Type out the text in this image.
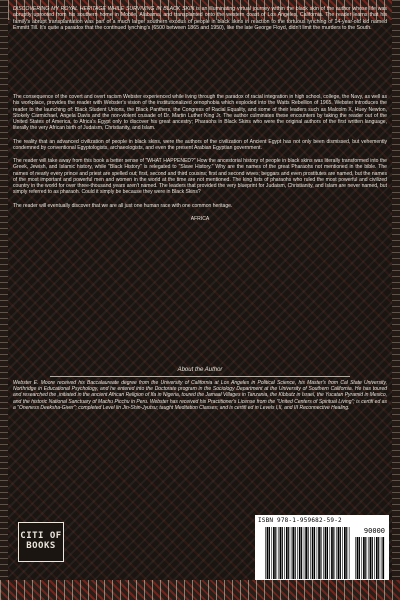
DISCOVERING MY ROYAL HERITAGE WHILE SURVIVING IN BLACK SKIN is an illuminating virtual journey within the black skin of the author whose life was abruptly uprooted from his southern home in Mobile, Alabama, and transplanted onto the western coast of Los Angeles, California. The reader learns that his family's abrupt transplantation was part of a much larger southern exodus of people in black skins in reaction to the tortuous lynching of 14-year-old kid named Emmitt Till. It's quite a paradox that the continued lynching's (6500 between 1865 and 1950), like the late George Floyd, didn't limit the murders to the South.

The consequence of the covert and overt racism Webster experienced while living through the paradox of racial integration in high school, college, the Navy, as well as his workplace, provides the reader with Webster's vision of the institutionalized xenophobia which exploded into the Watts Rebellion of 1965. Webster introduces the reader to the launching of: Black Student Unions, the Black Panthers, the Congress of Racial Equality, and some of their leaders such as Malcolm X, Huey Newton, Stokely Carmichael, Angela Davis and the non-violent crusade of Dr. Martin Luther King Jr. The author culminates these encounters by taking the reader out of the United States of America, to Africa's Egypt only to discover his great ancestry; Pharaohs in Black Skins who were the original authors of the first written language, literally the very African birth of Judaism, Christianity, and Islam.

The reality that an advanced civilization of people in black skins, were the authors of the civilization of Ancient Egypt has not only been dismissed, but vehemently condemned by conventional Egyptologists, archaeologists, and even the present Arabian Egyptian government.

The reader will take away from this book a better sense of "WHAT HAPPENED?" How the ancestorial history of people in black skins was literally transformed into the Greek, Jewish, and Islamic history, while "Black History" is relegated to "Slave History." Why are the names of the great Pharaohs not mentioned in the bible. The names of nearly every prince and priest are spelled out; first, second and third cousins; first and second wives; beggars and even prostitutes are named, but the names of the most important and powerful men and women in the world at the time are not mentioned. The king lists of pharaohs who ruled the most powerful and civilized country in the world for over three-thousand years aren't named. The leaders that provided the very blueprint for Judaism, Christianity, and Islam are never named, but simply referred to as pharaoh. Could it simply be because they were in Black Skins?

The reader will eventually discover that we are all just one human race with one common heritage.

AFRICA

About the Author

Webster E. Moore received his Baccalaureate degree from the University of California at Los Angeles in Political Science, his Master's from Cal State University, Northridge in Educational Psychology, and he entered into the Doctorate program in the Sociology Department at the University of Southern California. He has toured and researched the ,initiated in the ancient African Religion of Ifa in Nigeria, toured the Jamaal Villages in Tanzania, the Kibbutz in Israel, the Yucatan Pyramid in Mexico, and the historic National Sanctuary of Machu Picchu in Peru. Webster has received his Practitioner's License from the "United Centers of Spiritual Living"; is certifi ed as a "Oneness Deeksha-Giver"; completed Level lin Jin-Shin-Jyutsu; taught Meditation Classes; and is certifi ed in Levels I,II, and III Reconnective Healing.

CITI OF
BOOKS
ISBN 978-1-959682-59-2
90000
